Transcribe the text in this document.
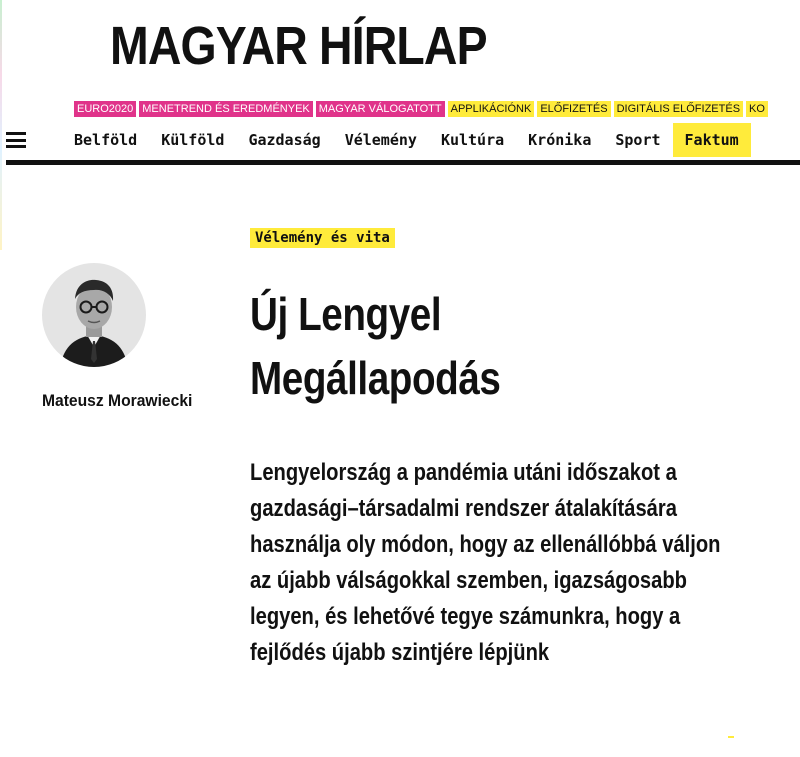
MAGYAR HÍRLAP
EURO2020 MENETREND ÉS EREDMÉNYEK MAGYAR VÁLOGATOTT APPLIKÁCIÓNK ELŐFIZETÉS DIGITÁLIS ELŐFIZETÉS KO
Belföld Külföld Gazdaság Vélemény Kultúra Krónika Sport Faktum
Vélemény és vita
Mateusz Morawiecki
Új Lengyel
Megállapodás

Lengyelország a pandémia utáni időszakot a gazdasági–társadalmi rendszer átalakítására használja oly módon, hogy az ellenállóbbá váljon az újabb válságokkal szemben, igazságosabb legyen, és lehetővé tegye számunkra, hogy a fejlődés újabb szintjére lépjünk
